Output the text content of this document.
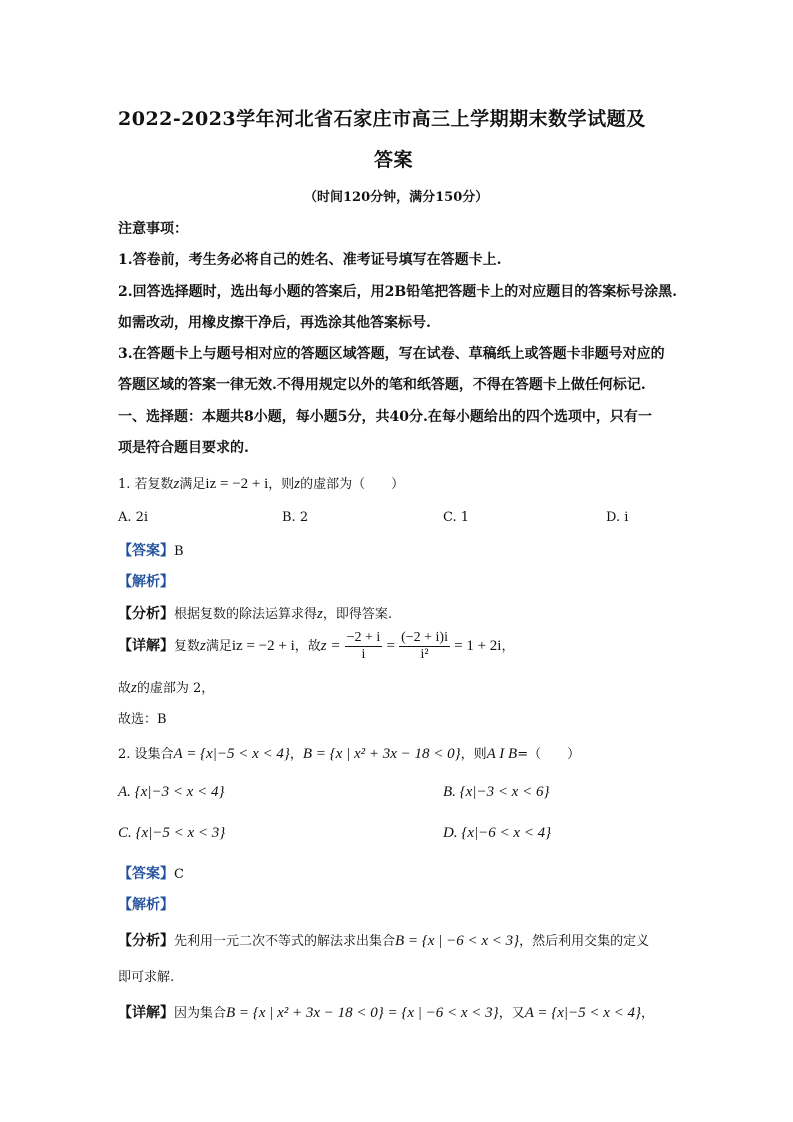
2022-2023学年河北省石家庄市高三上学期期末数学试题及
答案
（时间120分钟，满分150分）
注意事项：
1.答卷前，考生务必将自己的姓名、准考证号填写在答题卡上.
2.回答选择题时，选出每小题的答案后，用2B铅笔把答题卡上的对应题目的答案标号涂黑.
如需改动，用橡皮擦干净后，再选涂其他答案标号.
3.在答题卡上与题号相对应的答题区域答题，写在试卷、草稿纸上或答题卡非题号对应的
答题区域的答案一律无效.不得用规定以外的笔和纸答题，不得在答题卡上做任何标记.
一、选择题：本题共8小题，每小题5分，共40分.在每小题给出的四个选项中，只有一
项是符合题目要求的.
1. 若复数z满足iz = −2 + i，则z的虚部为（　　）
A. 2i	B. 2	C. 1	D. i
【答案】B
【解析】
【分析】根据复数的除法运算求得z，即得答案.
【详解】复数z满足iz = −2 + i，故$z = \frac{-2 + i}{i} = \frac{(-2 + i)i}{\text{i²}} = 1 + 2i$，
故z的虚部为 2，
故选：B
2. 设集合A = {x|−5 < x < 4}，B = {x | x² + 3x − 18 < 0}，则A I B=（　　）
A. {x|−3 < x < 4}	B. {x|−3 < x < 6}
C. {x|−5 < x < 3}	D. {x|−6 < x < 4}
【答案】C
【解析】
【分析】先利用一元二次不等式的解法求出集合B = {x | −6 < x < 3}，然后利用交集的定义
即可求解.
【详解】因为集合B = {x | x² + 3x − 18 < 0} = {x | −6 < x < 3}，又A = {x|−5 < x < 4}，
